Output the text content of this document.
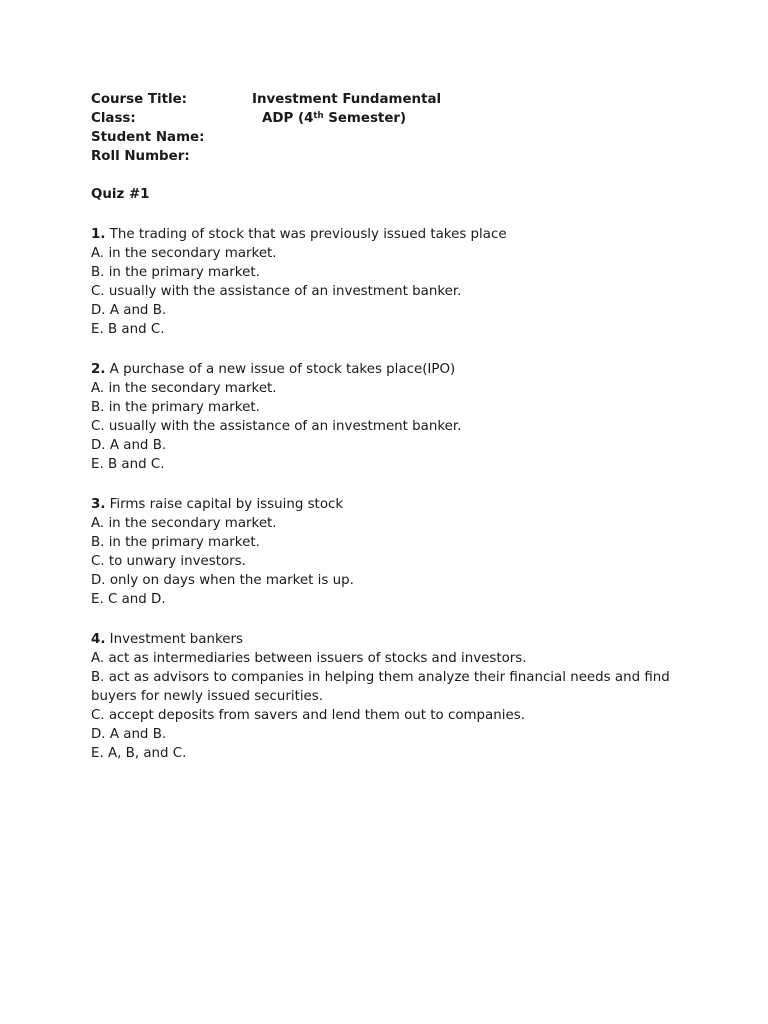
Course Title:	Investment Fundamental
Class:	ADP (4th Semester)
Student Name:
Roll Number:
Quiz #1
1. The trading of stock that was previously issued takes place
A. in the secondary market.
B. in the primary market.
C. usually with the assistance of an investment banker.
D. A and B.
E. B and C.
2. A purchase of a new issue of stock takes place(IPO)
A. in the secondary market.
B. in the primary market.
C. usually with the assistance of an investment banker.
D. A and B.
E. B and C.
3. Firms raise capital by issuing stock
A. in the secondary market.
B. in the primary market.
C. to unwary investors.
D. only on days when the market is up.
E. C and D.
4. Investment bankers
A. act as intermediaries between issuers of stocks and investors.
B. act as advisors to companies in helping them analyze their financial needs and find buyers for newly issued securities.
C. accept deposits from savers and lend them out to companies.
D. A and B.
E. A, B, and C.
